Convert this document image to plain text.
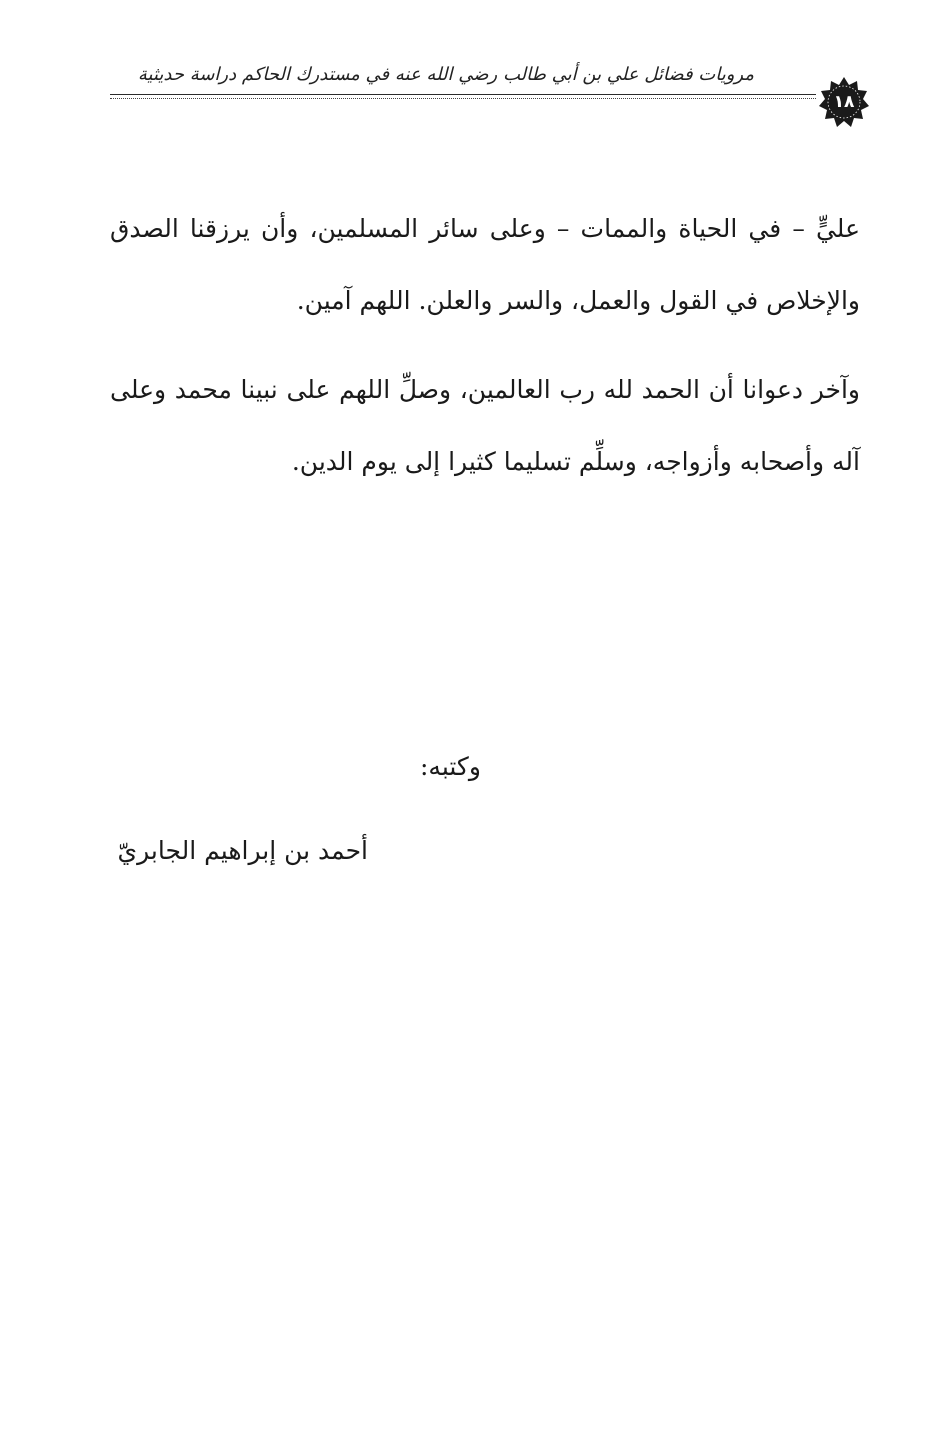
مرويات فضائل علي بن أبي طالب رضي الله عنه في مستدرك الحاكم دراسة حديثية
١٨

عليٍّ – في الحياة والممات – وعلى سائر المسلمين، وأن يرزقنا الصدق والإخلاص في القول والعمل، والسر والعلن. اللهم آمين.

وآخر دعوانا أن الحمد لله رب العالمين، وصلِّ اللهم على نبينا محمد وعلى آله وأصحابه وأزواجه، وسلِّم تسليما كثيرا إلى يوم الدين.

وكتبه:
أحمد بن إبراهيم الجابريّ
